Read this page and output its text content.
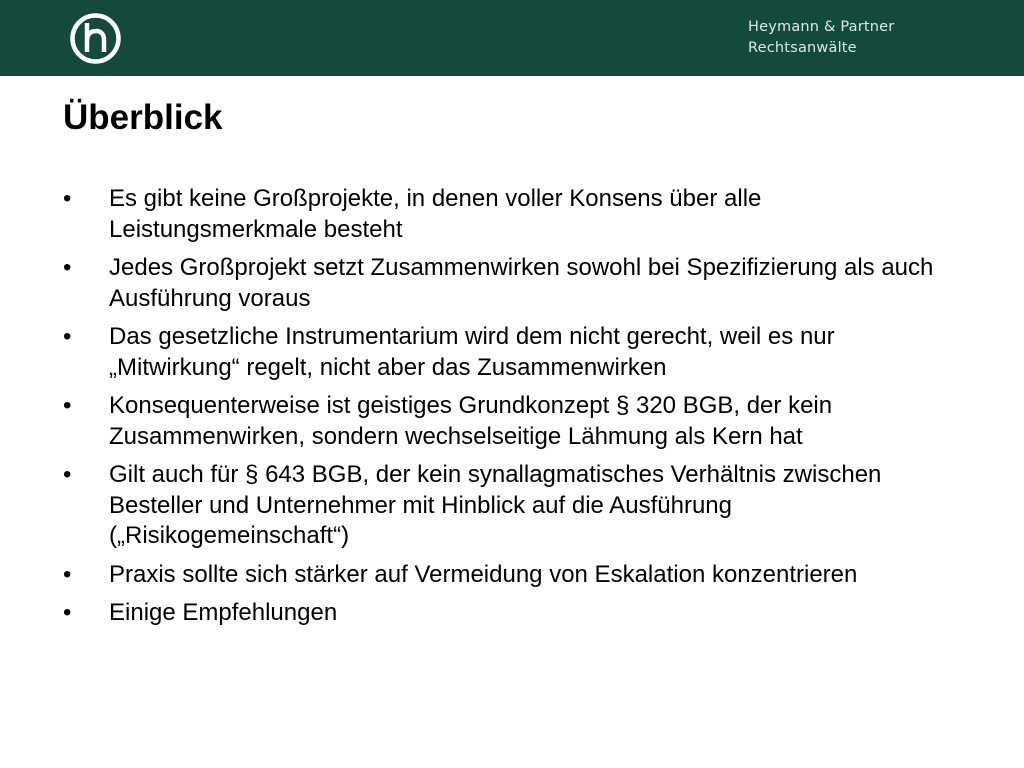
Heymann & Partner
Rechtsanwälte
Überblick
• Es gibt keine Großprojekte, in denen voller Konsens über alle Leistungsmerkmale besteht
• Jedes Großprojekt setzt Zusammenwirken sowohl bei Spezifizierung als auch Ausführung voraus
• Das gesetzliche Instrumentarium wird dem nicht gerecht, weil es nur „Mitwirkung“ regelt, nicht aber das Zusammenwirken
• Konsequenterweise ist geistiges Grundkonzept § 320 BGB, der kein Zusammenwirken, sondern wechselseitige Lähmung als Kern hat
• Gilt auch für § 643 BGB, der kein synallagmatisches Verhältnis zwischen Besteller und Unternehmer mit Hinblick auf die Ausführung („Risikogemeinschaft“)
• Praxis sollte sich stärker auf Vermeidung von Eskalation konzentrieren
• Einige Empfehlungen
